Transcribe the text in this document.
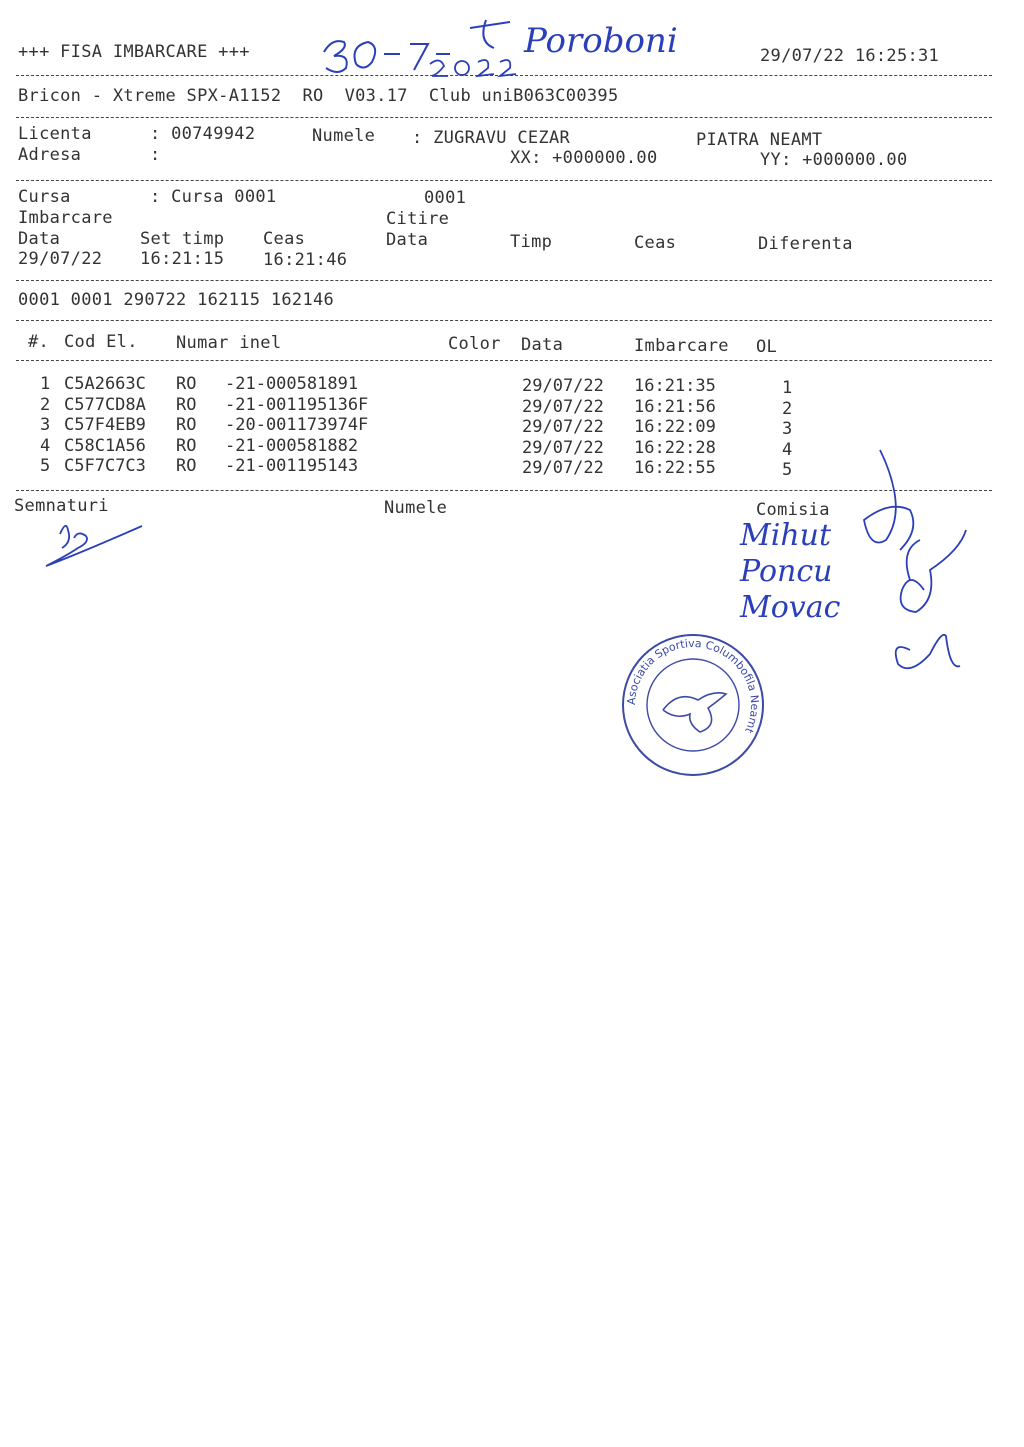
+++ FISA IMBARCARE +++	29/07/22 16:25:31
Poroboni
Bricon - Xtreme SPX-A1152  RO  V03.17  Club uniB063C00395
Licenta	: 00749942	Numele : ZUGRAVU CEZAR	PIATRA NEAMT
Adresa	:	XX: +000000.00	YY: +000000.00
Cursa	: Cursa 0001	0001
Imbarcare	Citire
Data	Set timp Ceas	Data	Timp	Ceas	Diferenta
29/07/22 16:21:15 16:21:46
0001 0001 290722 162115 162146
#. Cod El. Numar inel	Color Data	Imbarcare OL
1 C5A2663C RO -21-000581891	29/07/22 16:21:35	1
2 C577CD8A RO -21-001195136F	29/07/22 16:21:56	2
3 C57F4EB9 RO -20-001173974F	29/07/22 16:22:09	3
4 C58C1A56 RO -21-000581882	29/07/22 16:22:28	4
5 C5F7C7C3 RO -21-001195143	29/07/22 16:22:55	5
Semnaturi	Numele	Comisia
Mihut
Poncu
Movac
Asociatia Sportiva Columbofila Neamt
